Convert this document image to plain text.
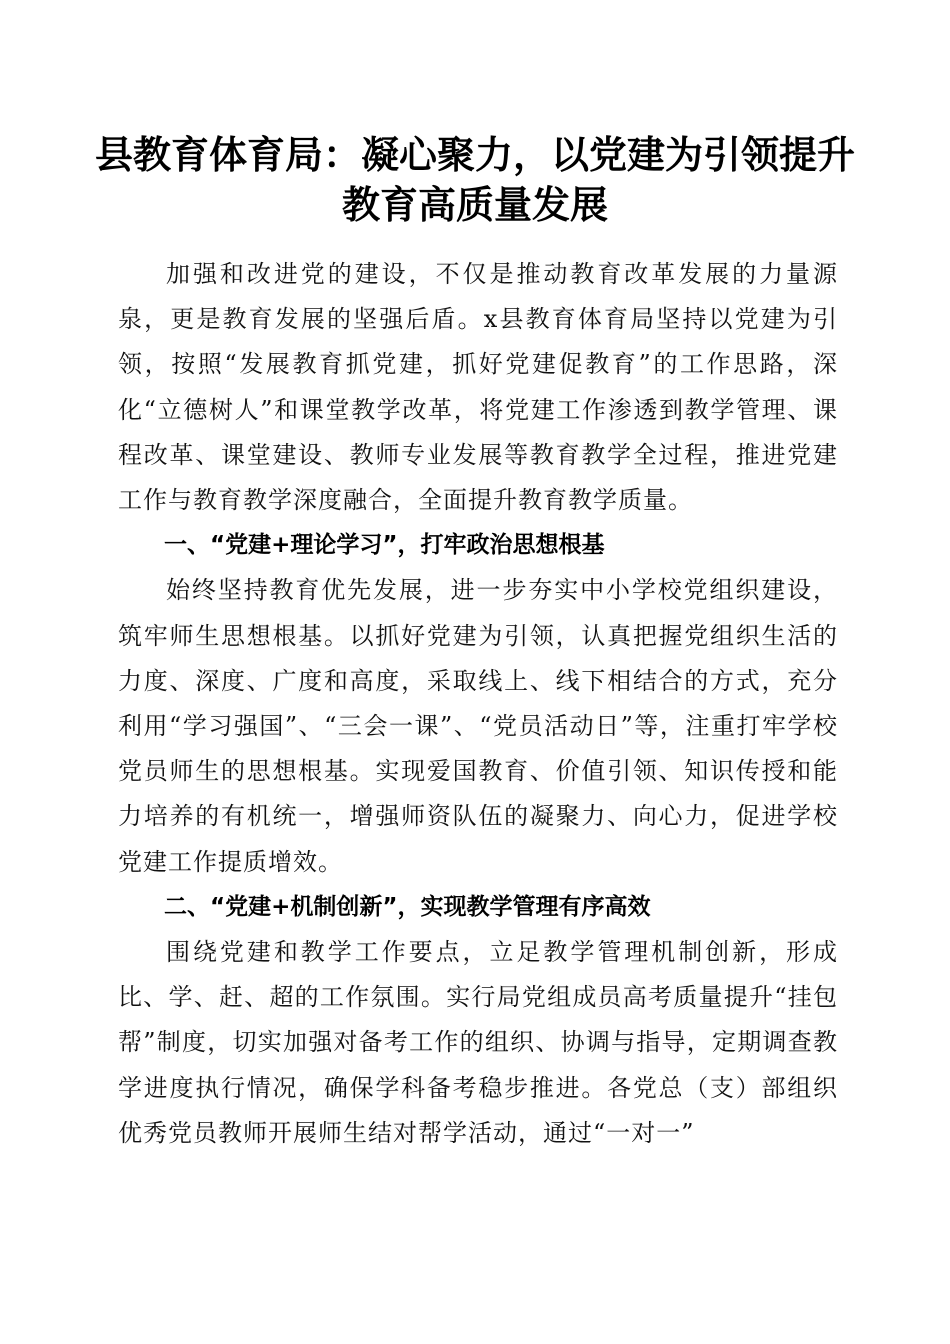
县教育体育局：凝心聚力，以党建为引领提升
教育高质量发展

加强和改进党的建设，不仅是推动教育改革发展的力量源泉，更是教育发展的坚强后盾。x县教育体育局坚持以党建为引领，按照“发展教育抓党建，抓好党建促教育”的工作思路，深化“立德树人”和课堂教学改革，将党建工作渗透到教学管理、课程改革、课堂建设、教师专业发展等教育教学全过程，推进党建工作与教育教学深度融合，全面提升教育教学质量。

一、“党建+理论学习”，打牢政治思想根基

始终坚持教育优先发展，进一步夯实中小学校党组织建设，筑牢师生思想根基。以抓好党建为引领，认真把握党组织生活的力度、深度、广度和高度，采取线上、线下相结合的方式，充分利用“学习强国”、“三会一课”、“党员活动日”等，注重打牢学校党员师生的思想根基。实现爱国教育、价值引领、知识传授和能力培养的有机统一，增强师资队伍的凝聚力、向心力，促进学校党建工作提质增效。

二、“党建+机制创新”，实现教学管理有序高效

围绕党建和教学工作要点，立足教学管理机制创新，形成比、学、赶、超的工作氛围。实行局党组成员高考质量提升“挂包帮”制度，切实加强对备考工作的组织、协调与指导，定期调查教学进度执行情况，确保学科备考稳步推进。各党总（支）部组织优秀党员教师开展师生结对帮学活动，通过“一对一”
